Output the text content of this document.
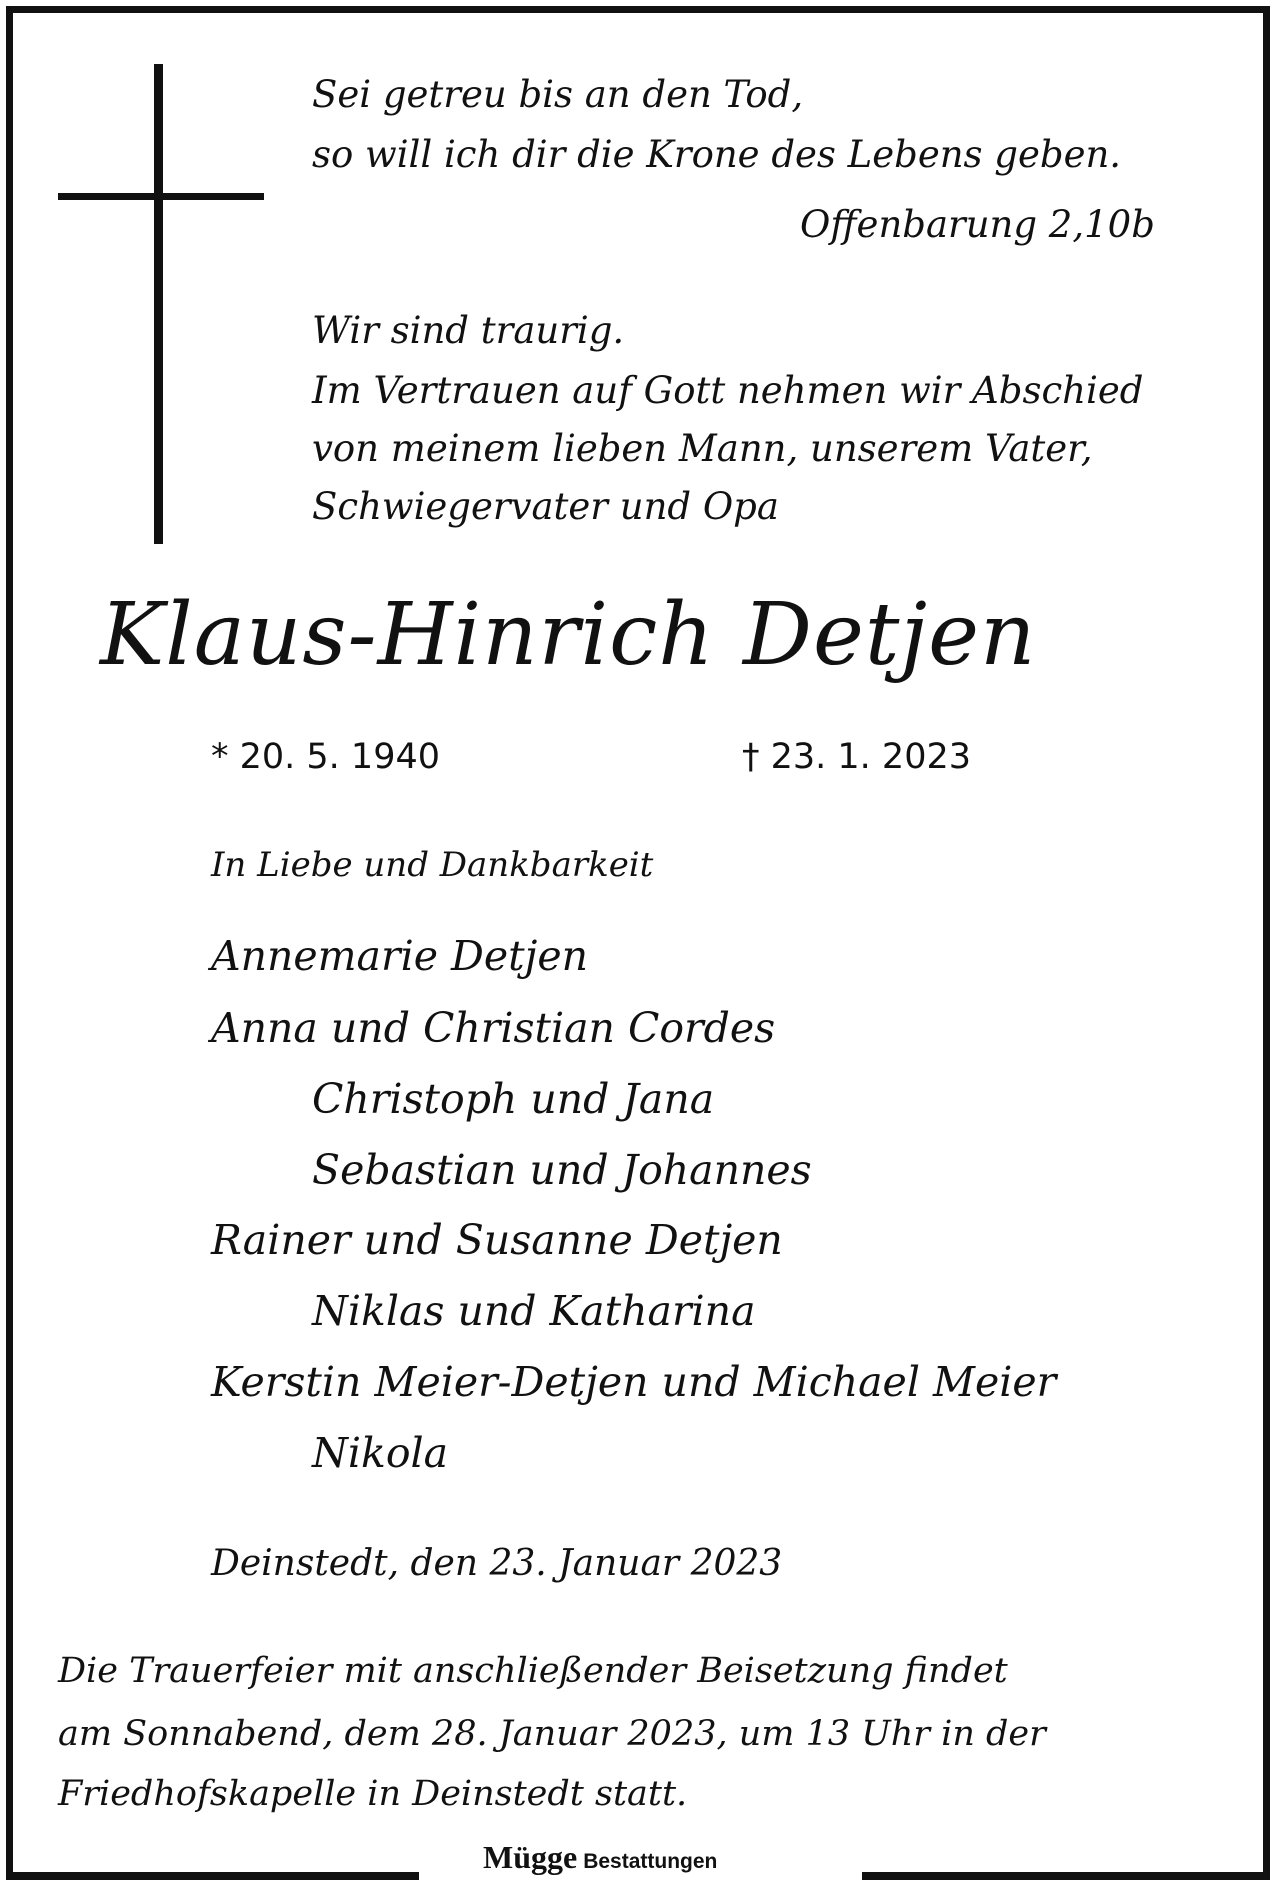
Sei getreu bis an den Tod,
so will ich dir die Krone des Lebens geben.
Offenbarung 2,10b
Wir sind traurig.
Im Vertrauen auf Gott nehmen wir Abschied
von meinem lieben Mann, unserem Vater,
Schwiegervater und Opa
Klaus-Hinrich Detjen
* 20. 5. 1940	† 23. 1. 2023
In Liebe und Dankbarkeit
Annemarie Detjen
Anna und Christian Cordes
Christoph und Jana
Sebastian und Johannes
Rainer und Susanne Detjen
Niklas und Katharina
Kerstin Meier-Detjen und Michael Meier
Nikola
Deinstedt, den 23. Januar 2023
Die Trauerfeier mit anschließender Beisetzung findet
am Sonnabend, dem 28. Januar 2023, um 13 Uhr in der
Friedhofskapelle in Deinstedt statt.
Mügge Bestattungen
